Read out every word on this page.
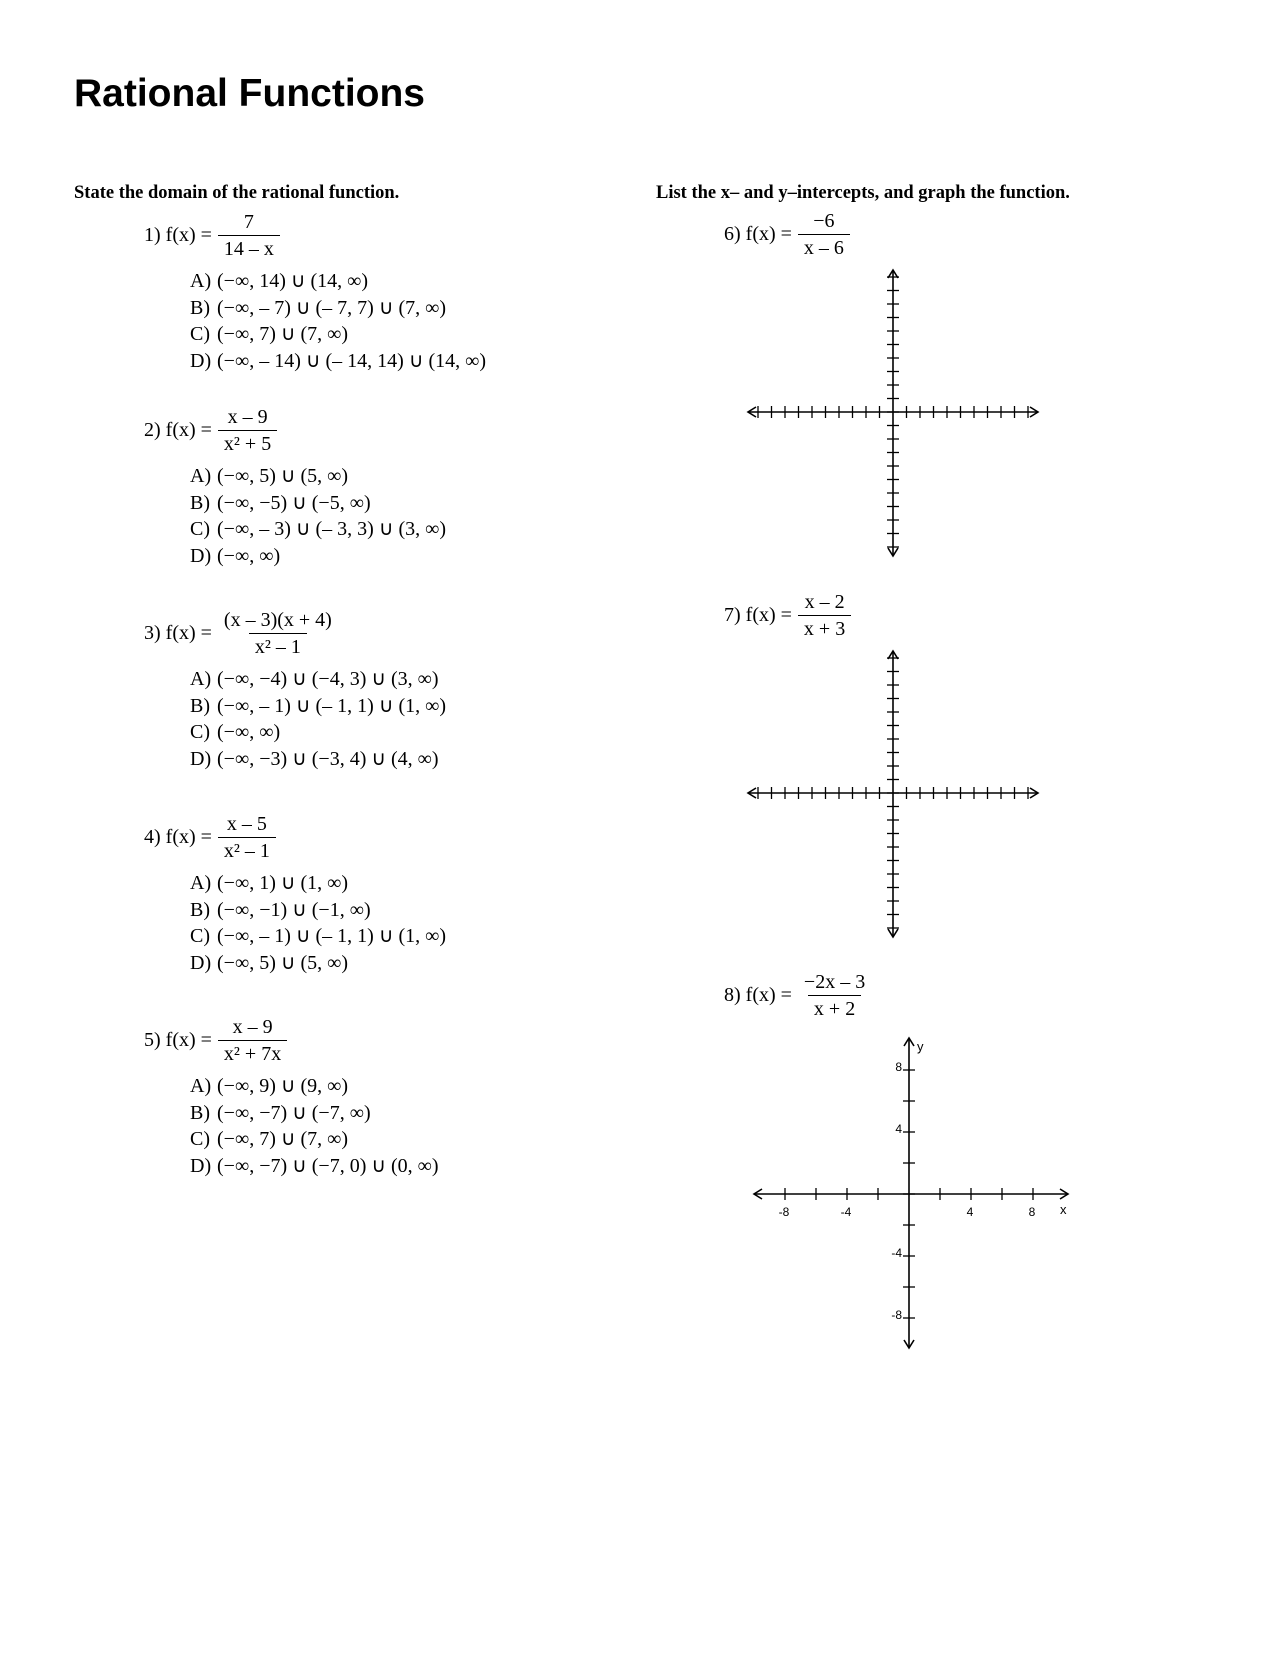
Rational Functions
State the domain of the rational function.	List the x– and y–intercepts, and graph the function.
1) $f(x) = \frac{7}{14 - x}$
A) (−∞, 14) ∪ (14, ∞)
B) (−∞, – 7) ∪ (– 7, 7) ∪ (7, ∞)
C) (−∞, 7) ∪ (7, ∞)
D) (−∞, – 14) ∪ (– 14, 14) ∪ (14, ∞)
2) $f(x) = \frac{x - 9}{\text{x² + 5}}$
A) (−∞, 5) ∪ (5, ∞)
B) (−∞, −5) ∪ (−5, ∞)
C) (−∞, – 3) ∪ (– 3, 3) ∪ (3, ∞)
D) (−∞, ∞)
3) $f(x) = \frac{(x - 3)(x + 4)}{\text{x² – 1}}$
A) (−∞, −4) ∪ (−4, 3) ∪ (3, ∞)
B) (−∞, – 1) ∪ (– 1, 1) ∪ (1, ∞)
C) (−∞, ∞)
D) (−∞, −3) ∪ (−3, 4) ∪ (4, ∞)
4) $f(x) = \frac{x - 5}{\text{x² – 1}}$
A) (−∞, 1) ∪ (1, ∞)
B) (−∞, −1) ∪ (−1, ∞)
C) (−∞, – 1) ∪ (– 1, 1) ∪ (1, ∞)
D) (−∞, 5) ∪ (5, ∞)
5) $f(x) = \frac{x - 9}{\text{x² + 7x}}$
A) (−∞, 9) ∪ (9, ∞)
B) (−∞, −7) ∪ (−7, ∞)
C) (−∞, 7) ∪ (7, ∞)
D) (−∞, −7) ∪ (−7, 0) ∪ (0, ∞)
6) $f(x) = \frac{-6}{x - 6}$
7) $f(x) = \frac{x - 2}{x + 3}$
8) $f(x) = \frac{-2x - 3}{x + 2}$
-8	-4	4	8
8
4
-4
-8
x
y
